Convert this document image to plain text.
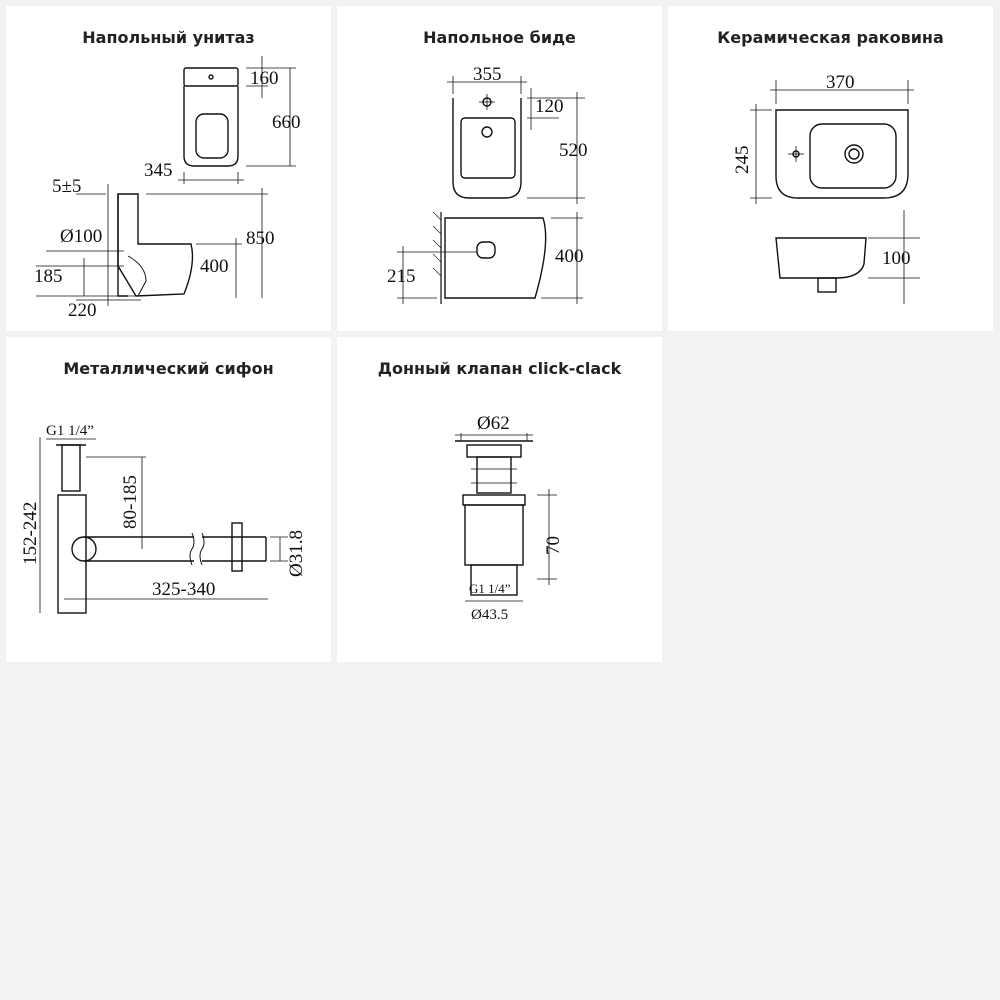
Напольный унитаз
160
660
345
5±5
Ø100	850
400
185
220
Напольное биде
355
120
520
400
215
Керамическая раковина
370
245
100
Металлический сифон
G1 1/4”
152-242	80-185
325-340
Ø31.8
Донный клапан click-clack
Ø62
70
G1 1/4”
Ø43.5
